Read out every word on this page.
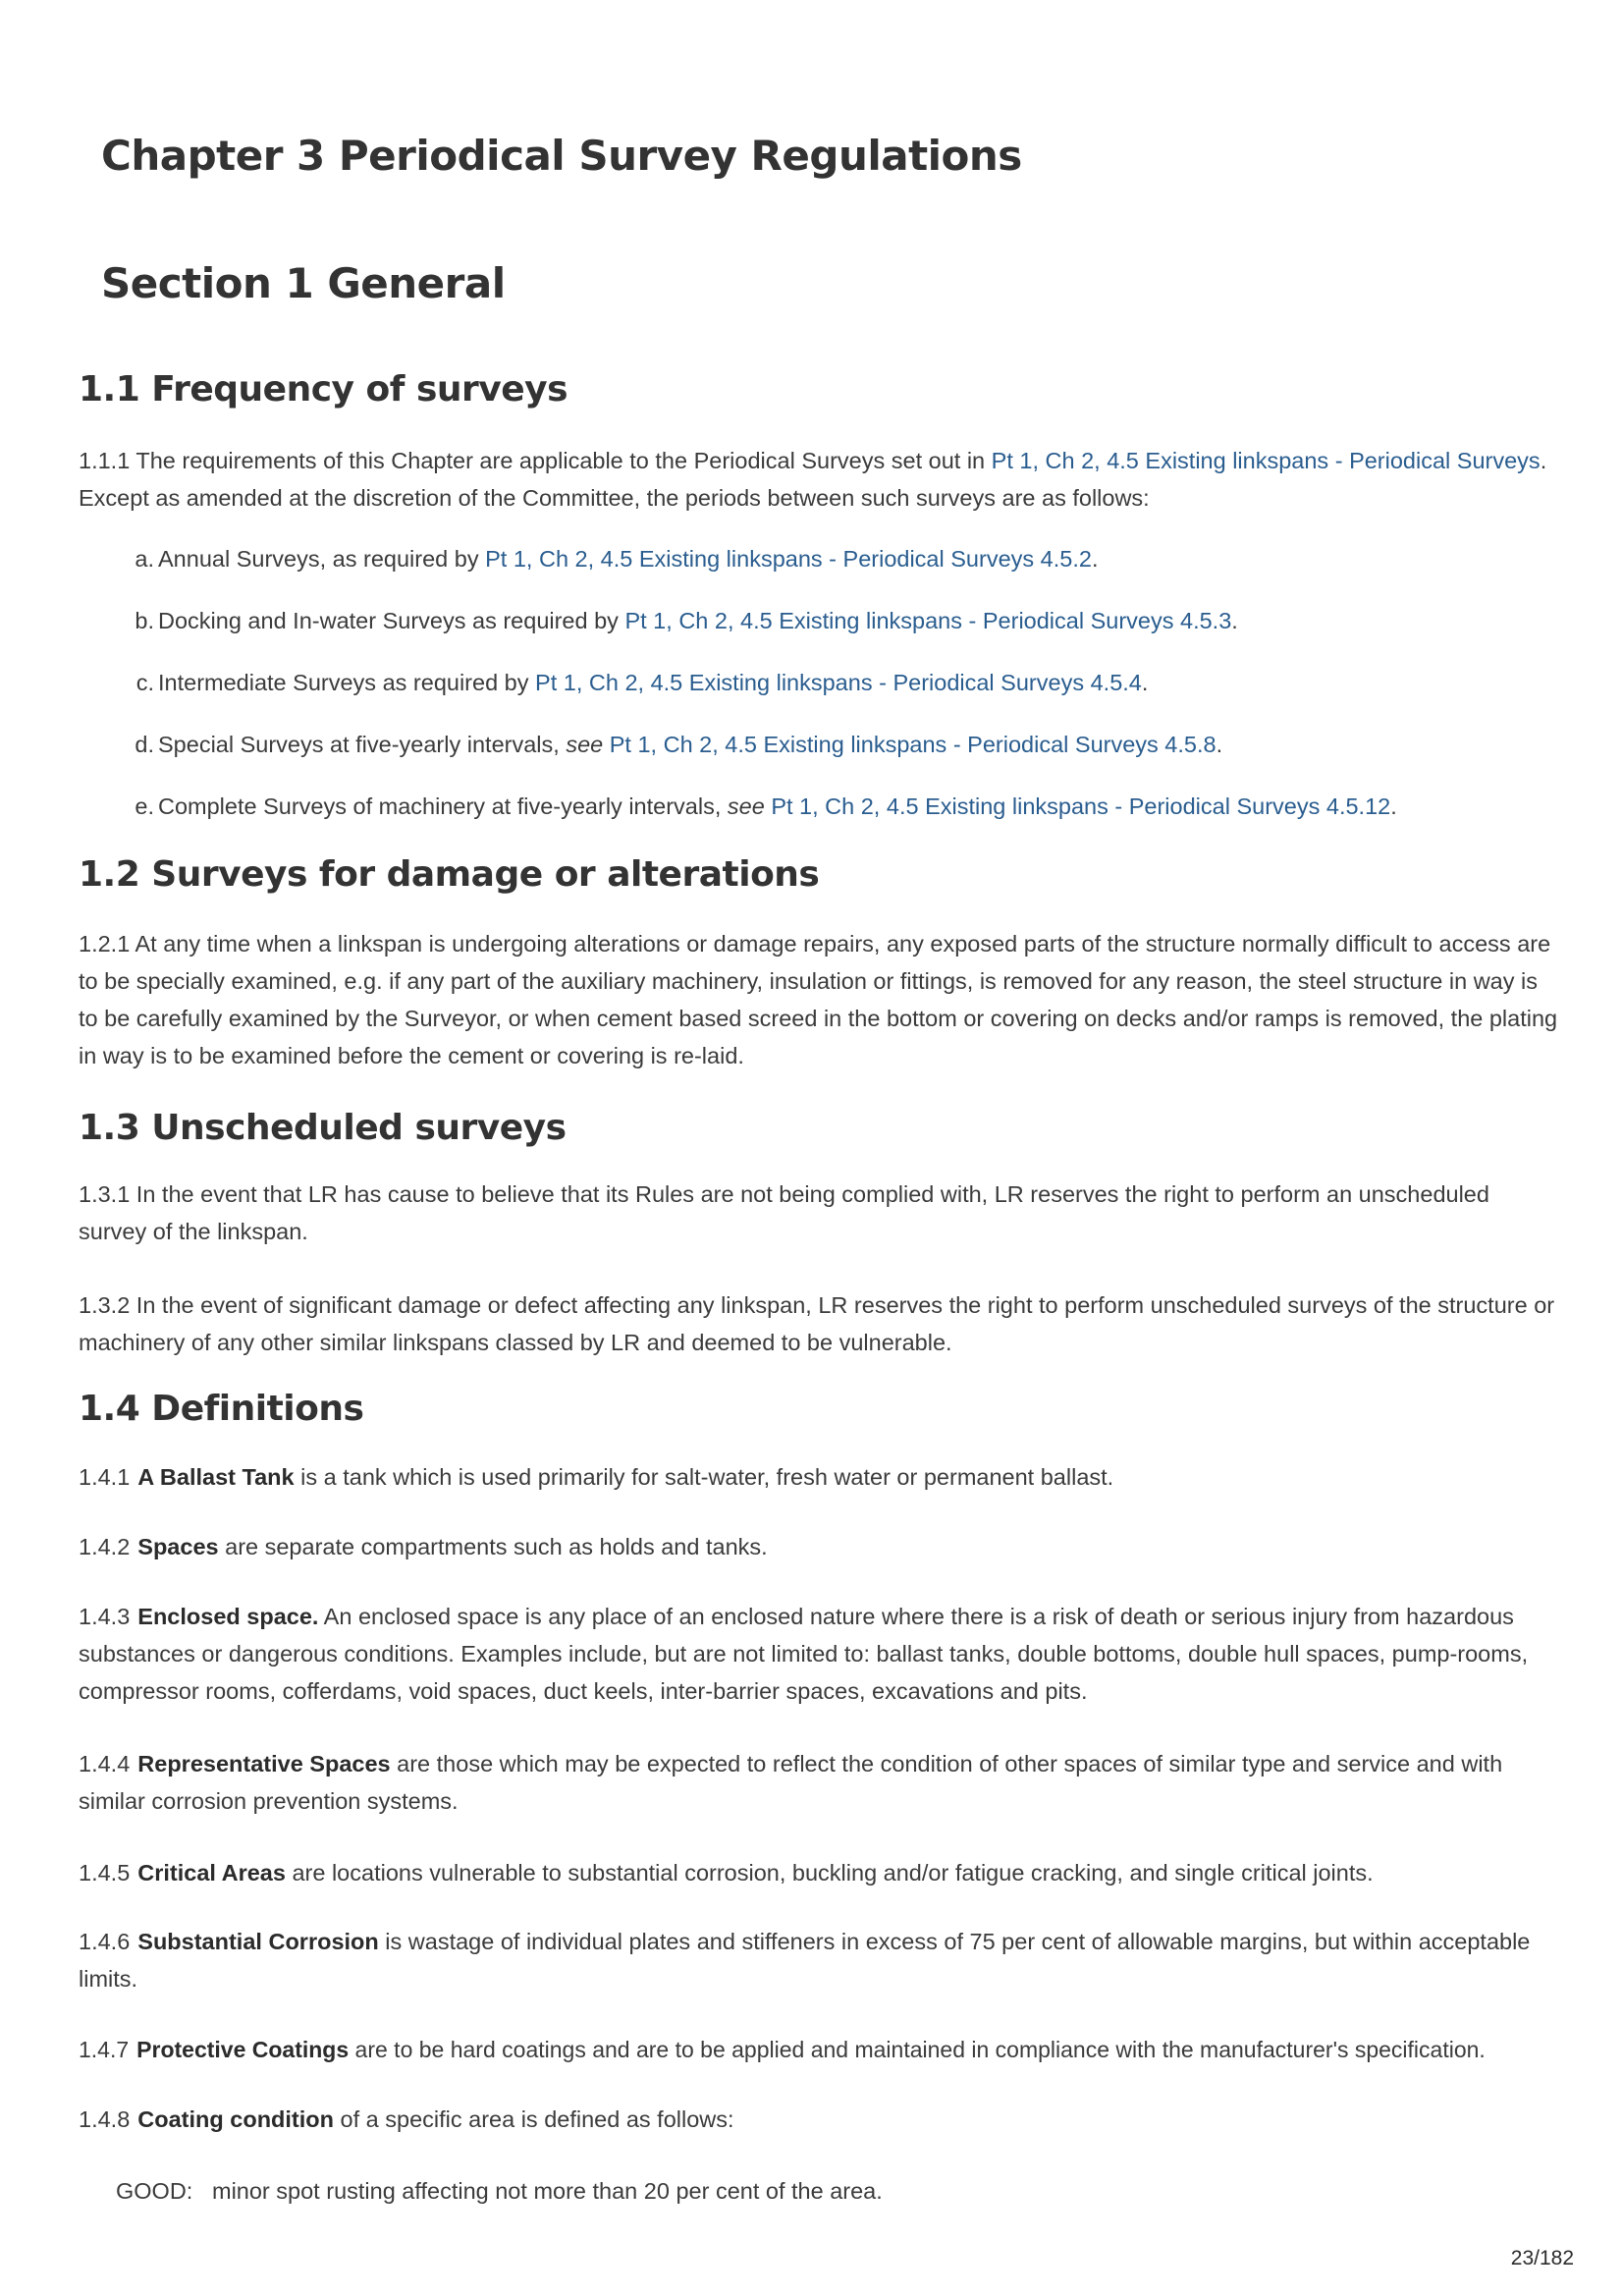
Chapter 3 Periodical Survey Regulations
Section 1 General
1.1 Frequency of surveys

1.1.1 The requirements of this Chapter are applicable to the Periodical Surveys set out in Pt 1, Ch 2, 4.5 Existing linkspans - Periodical Surveys. Except as amended at the discretion of the Committee, the periods between such surveys are as follows:

a. Annual Surveys, as required by Pt 1, Ch 2, 4.5 Existing linkspans - Periodical Surveys 4.5.2.

b. Docking and In-water Surveys as required by Pt 1, Ch 2, 4.5 Existing linkspans - Periodical Surveys 4.5.3.

c. Intermediate Surveys as required by Pt 1, Ch 2, 4.5 Existing linkspans - Periodical Surveys 4.5.4.

d. Special Surveys at five-yearly intervals, see Pt 1, Ch 2, 4.5 Existing linkspans - Periodical Surveys 4.5.8.

e. Complete Surveys of machinery at five-yearly intervals, see Pt 1, Ch 2, 4.5 Existing linkspans - Periodical Surveys 4.5.12.

1.2 Surveys for damage or alterations

1.2.1 At any time when a linkspan is undergoing alterations or damage repairs, any exposed parts of the structure normally difficult to access are to be specially examined, e.g. if any part of the auxiliary machinery, insulation or fittings, is removed for any reason, the steel structure in way is to be carefully examined by the Surveyor, or when cement based screed in the bottom or covering on decks and/or ramps is removed, the plating in way is to be examined before the cement or covering is re-laid.

1.3 Unscheduled surveys

1.3.1 In the event that LR has cause to believe that its Rules are not being complied with, LR reserves the right to perform an unscheduled survey of the linkspan.

1.3.2 In the event of significant damage or defect affecting any linkspan, LR reserves the right to perform unscheduled surveys of the structure or machinery of any other similar linkspans classed by LR and deemed to be vulnerable.

1.4 Definitions

1.4.1 A Ballast Tank is a tank which is used primarily for salt-water, fresh water or permanent ballast.

1.4.2 Spaces are separate compartments such as holds and tanks.

1.4.3 Enclosed space. An enclosed space is any place of an enclosed nature where there is a risk of death or serious injury from hazardous substances or dangerous conditions. Examples include, but are not limited to: ballast tanks, double bottoms, double hull spaces, pump-rooms, compressor rooms, cofferdams, void spaces, duct keels, inter-barrier spaces, excavations and pits.

1.4.4 Representative Spaces are those which may be expected to reflect the condition of other spaces of similar type and service and with similar corrosion prevention systems.

1.4.5 Critical Areas are locations vulnerable to substantial corrosion, buckling and/or fatigue cracking, and single critical joints.

1.4.6 Substantial Corrosion is wastage of individual plates and stiffeners in excess of 75 per cent of allowable margins, but within acceptable limits.

1.4.7 Protective Coatings are to be hard coatings and are to be applied and maintained in compliance with the manufacturer's specification.

1.4.8 Coating condition of a specific area is defined as follows:

GOOD: minor spot rusting affecting not more than 20 per cent of the area.

23/182
